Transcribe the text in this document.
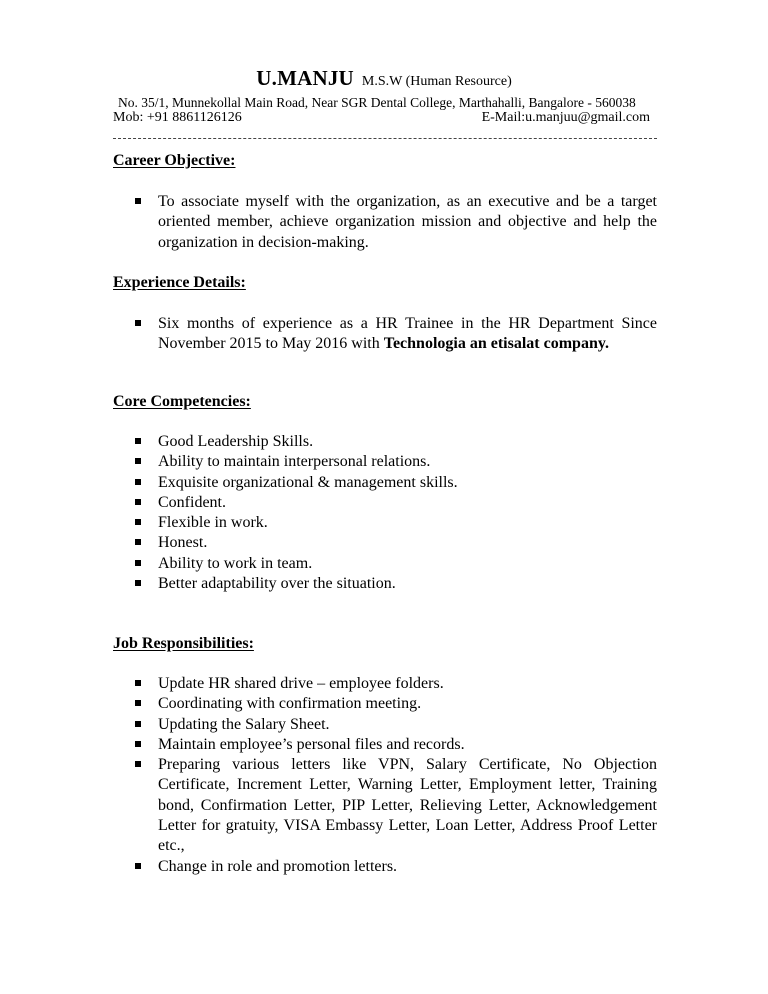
U.MANJU M.S.W (Human Resource)
No. 35/1, Munnekollal Main Road, Near SGR Dental College, Marthahalli, Bangalore - 560038
Mob: +91 8861126126	E-Mail:u.manjuu@gmail.com
Career Objective:
To associate myself with the organization, as an executive and be a target oriented member, achieve organization mission and objective and help the organization in decision-making.
Experience Details:
Six months of experience as a HR Trainee in the HR Department Since November 2015 to May 2016 with Technologia an etisalat company.
Core Competencies:
Good Leadership Skills.
Ability to maintain interpersonal relations.
Exquisite organizational & management skills.
Confident.
Flexible in work.
Honest.
Ability to work in team.
Better adaptability over the situation.
Job Responsibilities:
Update HR shared drive – employee folders.
Coordinating with confirmation meeting.
Updating the Salary Sheet.
Maintain employee’s personal files and records.
Preparing various letters like VPN, Salary Certificate, No Objection Certificate, Increment Letter, Warning Letter, Employment letter, Training bond, Confirmation Letter, PIP Letter, Relieving Letter, Acknowledgement Letter for gratuity, VISA Embassy Letter, Loan Letter, Address Proof Letter etc.,
Change in role and promotion letters.
